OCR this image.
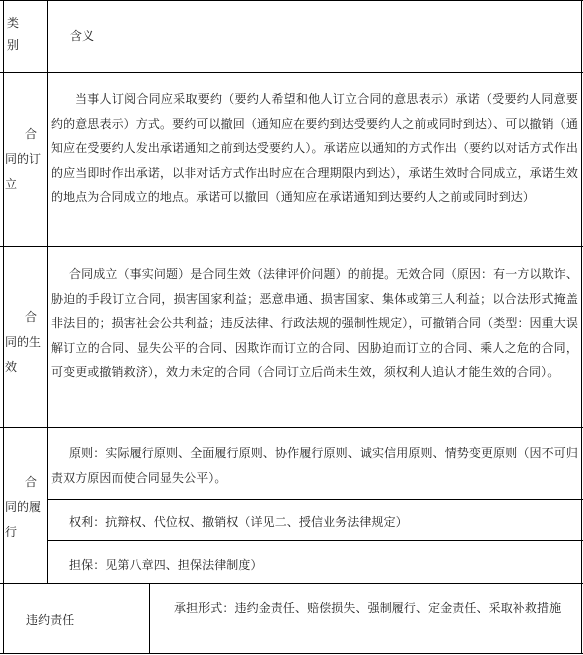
类别
含义
合同的订立

当事人订阅合同应采取要约（要约人希望和他人订立合同的意思表示）承诺（受要约人同意要约的意思表示）方式。要约可以撤回（通知应在要约到达受要约人之前或同时到达）、可以撤销（通知应在受要约人发出承诺通知之前到达受要约人）。承诺应以通知的方式作出（要约以对话方式作出的应当即时作出承诺，以非对话方式作出时应在合理期限内到达），承诺生效时合同成立，承诺生效的地点为合同成立的地点。承诺可以撤回（通知应在承诺通知到达要约人之前或同时到达）

合同的生效

合同成立（事实问题）是合同生效（法律评价问题）的前提。无效合同（原因：有一方以欺诈、胁迫的手段订立合同，损害国家利益；恶意串通、损害国家、集体或第三人利益；以合法形式掩盖非法目的；损害社会公共利益；违反法律、行政法规的强制性规定），可撤销合同（类型：因重大误解订立的合同、显失公平的合同、因欺诈而订立的合同、因胁迫而订立的合同、乘人之危的合同，可变更或撤销救济），效力未定的合同（合同订立后尚未生效，须权利人追认才能生效的合同）。

合同的履行

原则：实际履行原则、全面履行原则、协作履行原则、诚实信用原则、情势变更原则（因不可归责双方原因而使合同显失公平）。

权利：抗辩权、代位权、撤销权（详见二、授信业务法律规定）

担保：见第八章四、担保法律制度）

违约责任

承担形式：违约金责任、赔偿损失、强制履行、定金责任、采取补救措施
